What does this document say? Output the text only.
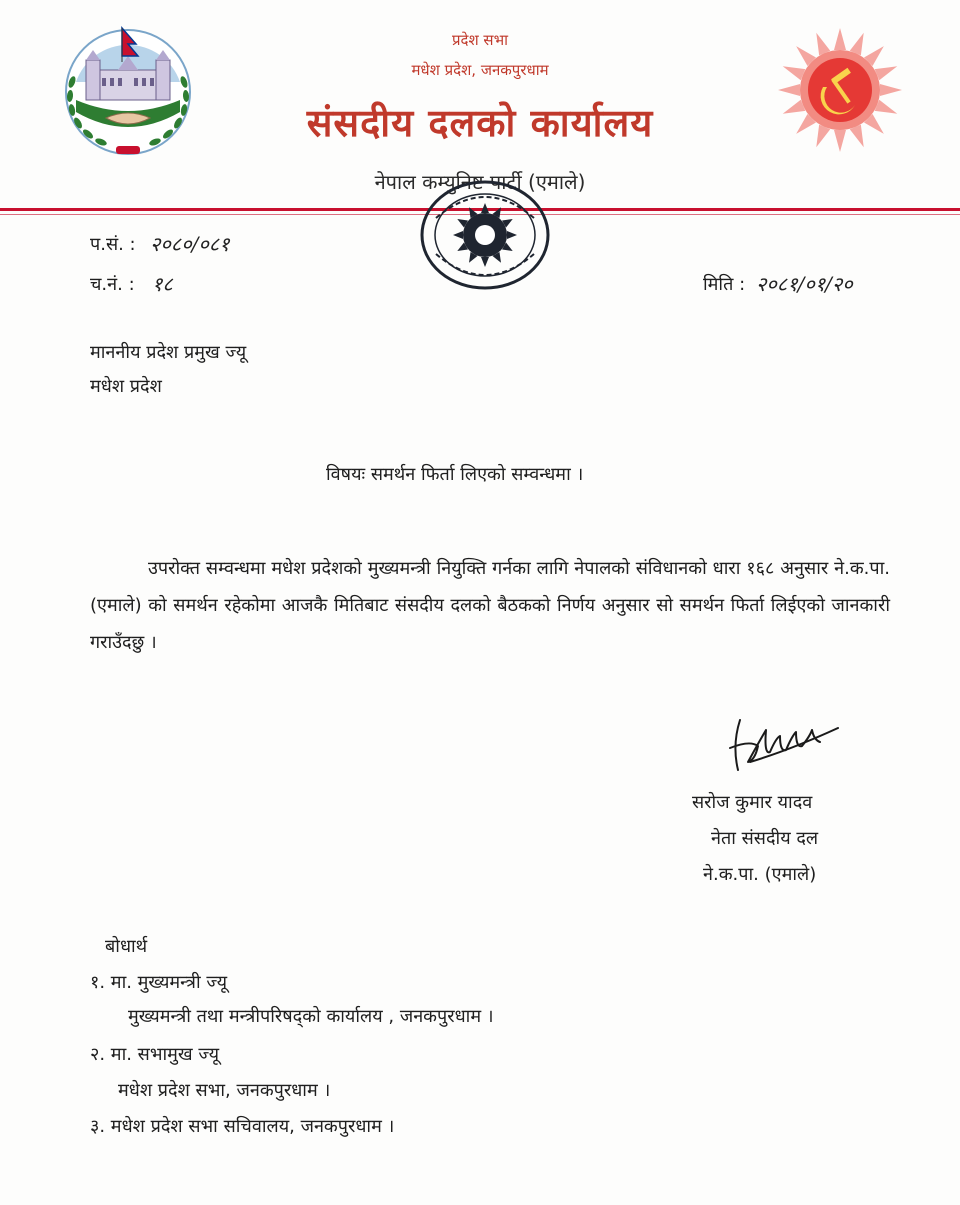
प्रदेश सभा
मधेश प्रदेश, जनकपुरधाम
संसदीय दलको कार्यालय
नेपाल कम्युनिष्ट पार्टी (एमाले)
प.सं. : २०८०/०८१
च.नं. : १८	मिति : २०८१/०१/२०
माननीय प्रदेश प्रमुख ज्यू
मधेश प्रदेश
विषयः समर्थन फिर्ता लिएको सम्वन्धमा ।
उपरोक्त सम्वन्धमा मधेश प्रदेशको मुख्यमन्त्री नियुक्ति गर्नका लागि नेपालको संविधानको धारा १६८ अनुसार ने.क.पा. (एमाले) को समर्थन रहेकोमा आजकै मितिबाट संसदीय दलको बैठकको निर्णय अनुसार सो समर्थन फिर्ता लिईएको जानकारी गराउँदछु ।
सरोज कुमार यादव
नेता संसदीय दल
ने.क.पा. (एमाले)
बोधार्थ
१. मा. मुख्यमन्त्री ज्यू
मुख्यमन्त्री तथा मन्त्रीपरिषद्को कार्यालय , जनकपुरधाम ।
२. मा. सभामुख ज्यू
मधेश प्रदेश सभा, जनकपुरधाम ।
३. मधेश प्रदेश सभा सचिवालय, जनकपुरधाम ।
